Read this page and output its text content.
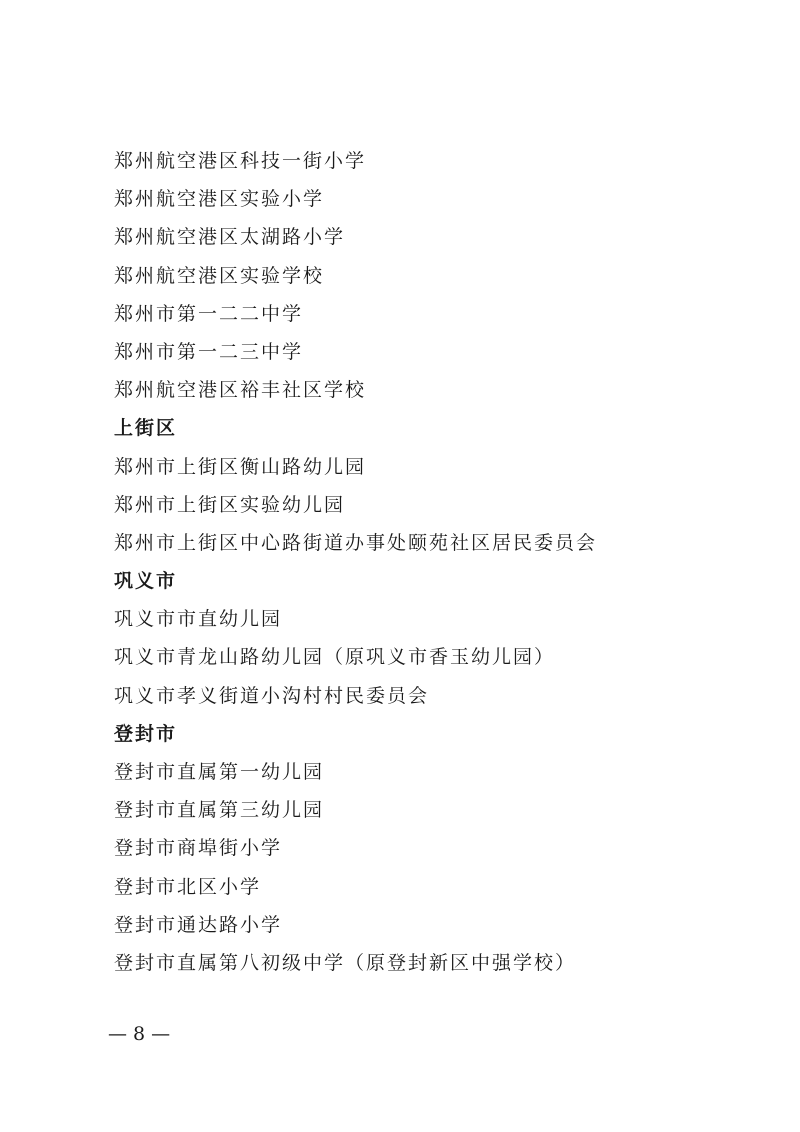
郑州航空港区科技一街小学
郑州航空港区实验小学
郑州航空港区太湖路小学
郑州航空港区实验学校
郑州市第一二二中学
郑州市第一二三中学
郑州航空港区裕丰社区学校
上街区
郑州市上街区衡山路幼儿园
郑州市上街区实验幼儿园
郑州市上街区中心路街道办事处颐苑社区居民委员会
巩义市
巩义市市直幼儿园
巩义市青龙山路幼儿园（原巩义市香玉幼儿园）
巩义市孝义街道小沟村村民委员会
登封市
登封市直属第一幼儿园
登封市直属第三幼儿园
登封市商埠街小学
登封市北区小学
登封市通达路小学
登封市直属第八初级中学（原登封新区中强学校）
— 8 —
